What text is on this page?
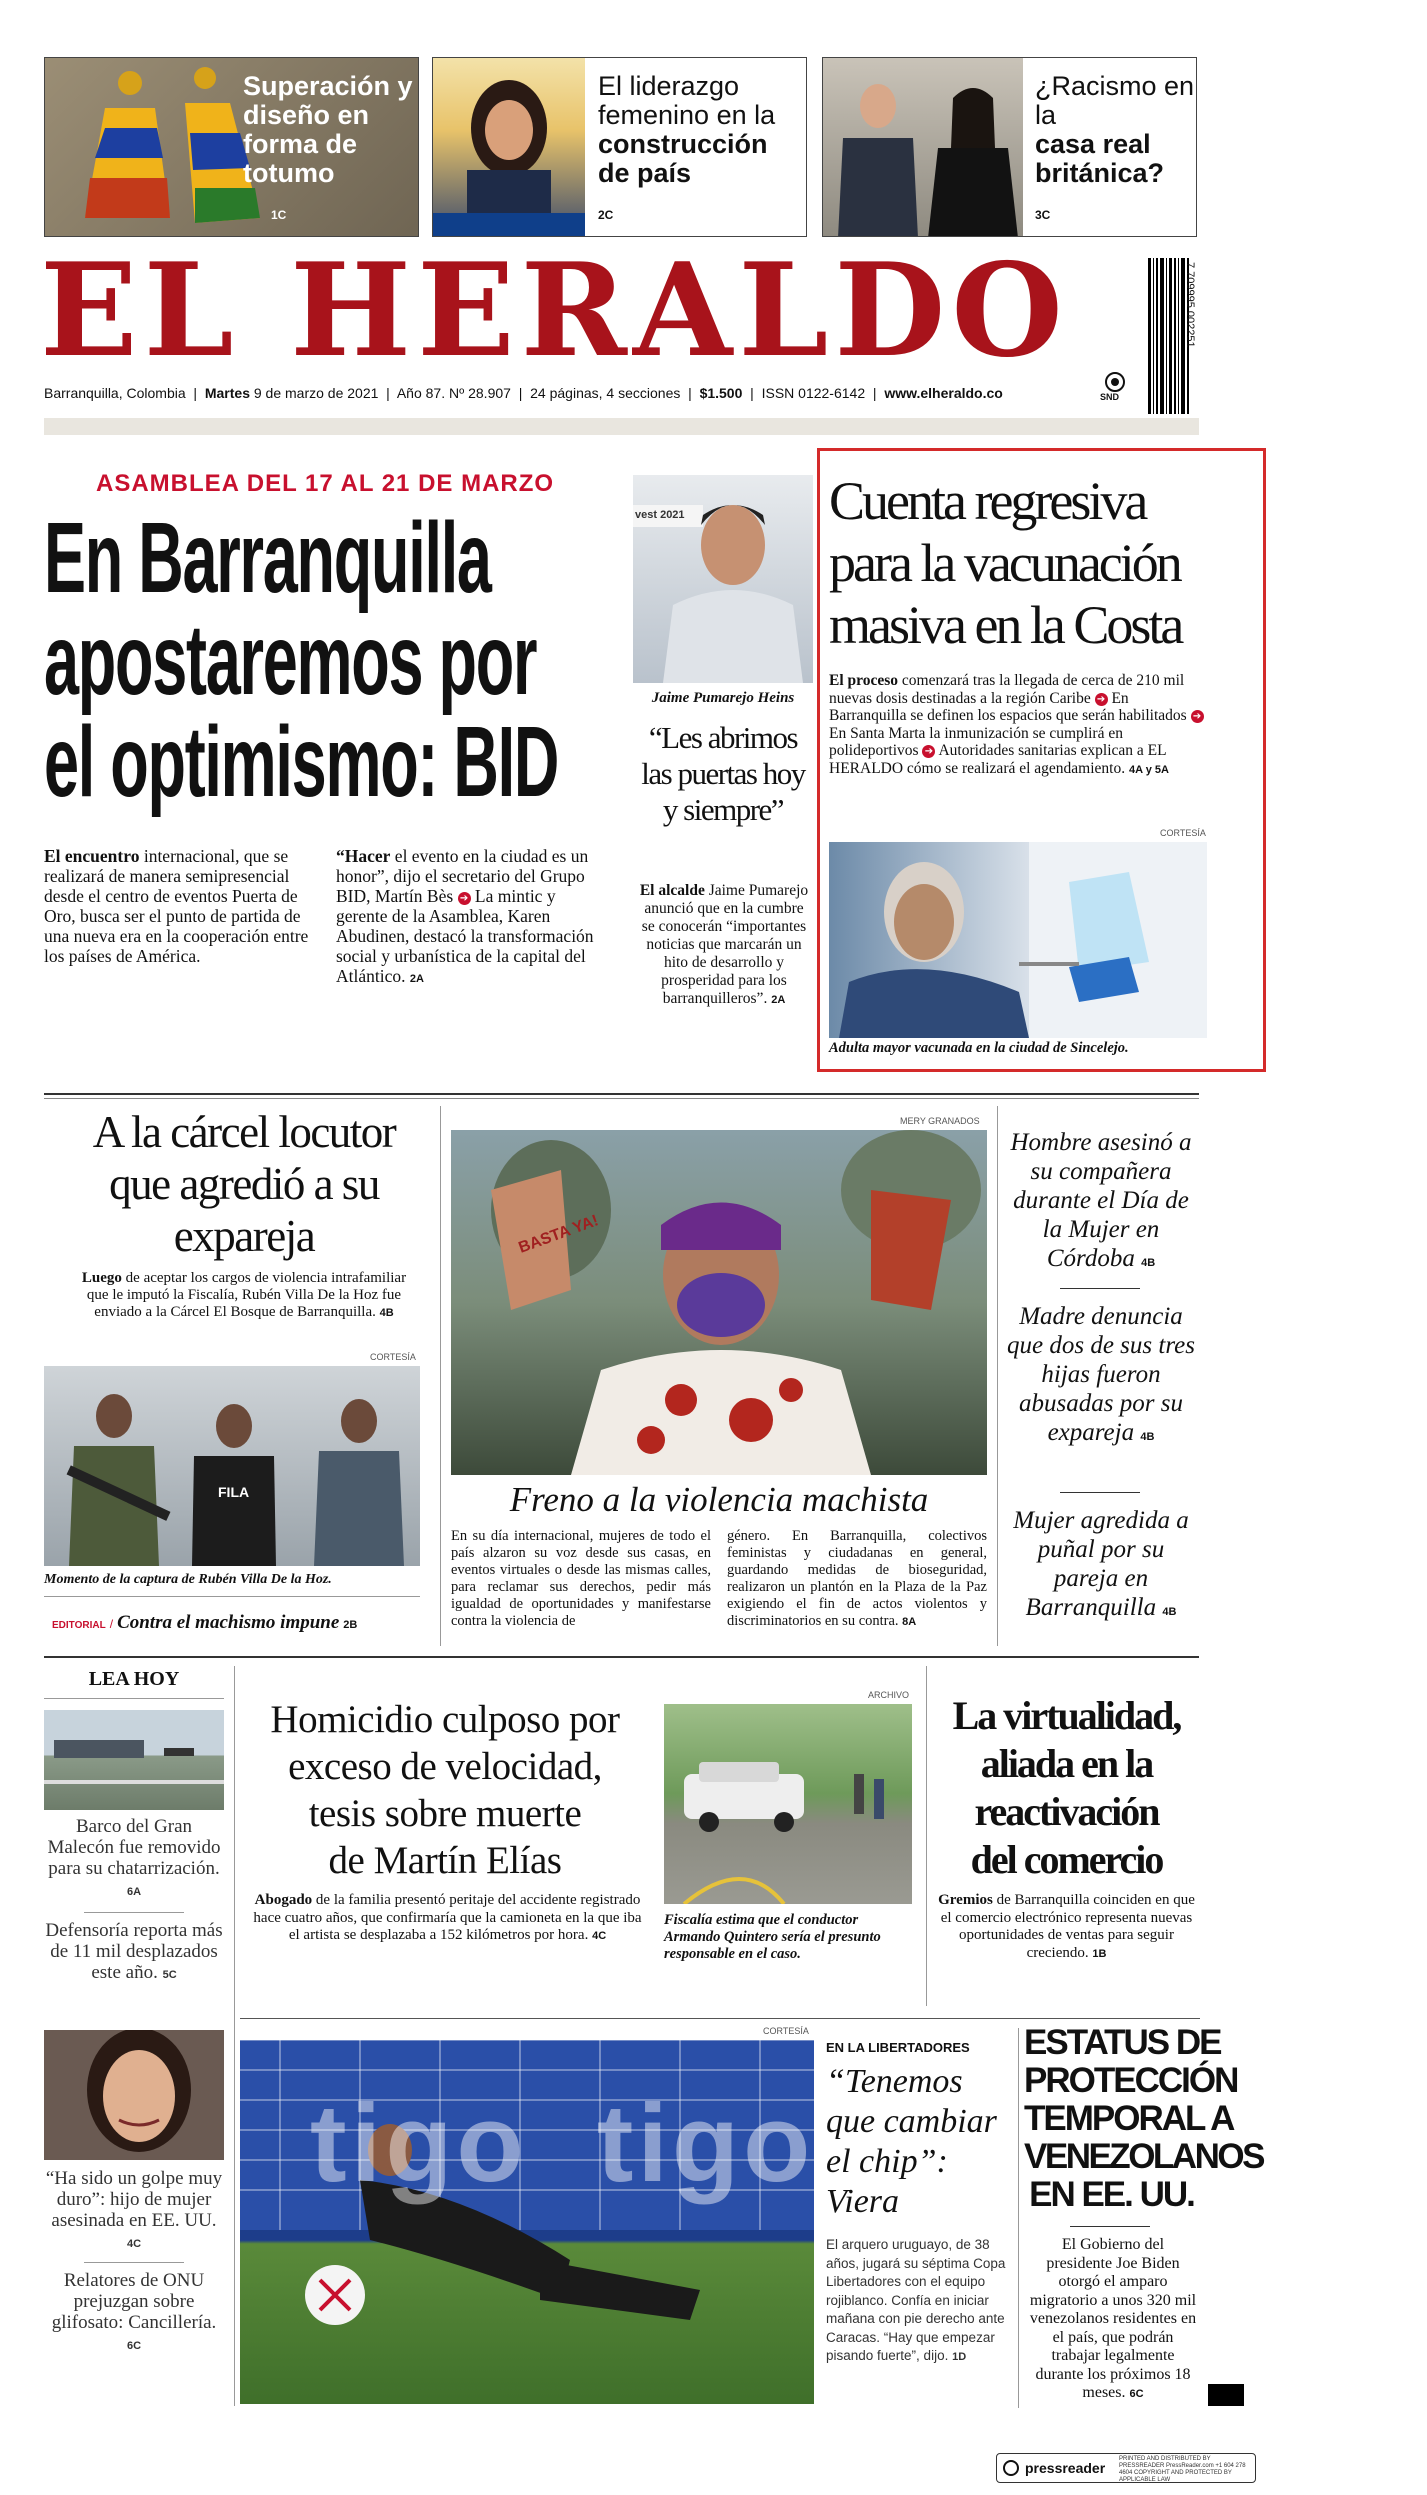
Superación y diseño en forma de totumo
1C
El liderazgo femenino en la
construcción de país
2C
¿Racismo en la
casa real británica?
3C
EL HERALDO	7 709995 002251
Barranquilla, Colombia  |  Martes 9 de marzo de 2021  |  Año 87. Nº 28.907  |  24 páginas, 4 secciones  |  $1.500  |  ISSN 0122-6142  |  www.elheraldo.co	SND
ASAMBLEA DEL 17 AL 21 DE MARZO
En Barranquilla
apostaremos por
el optimismo: BID
El encuentro internacional, que se realizará de manera semipresencial desde el centro de eventos Puerta de Oro, busca ser el punto de partida de una nueva era en la cooperación entre los países de América.
“Hacer el evento en la ciudad es un honor”, dijo el secretario del Grupo BID, Martín Bès ➔ La mintic y gerente de la Asamblea, Karen Abudinen, destacó la transformación social y urbanística de la capital del Atlántico. 2A
vest 2021
Jaime Pumarejo Heins
“Les abrimos
las puertas hoy
y siempre”
El alcalde Jaime Pumarejo anunció que en la cumbre se conocerán “importantes noticias que marcarán un hito de desarrollo y prosperidad para los barranquilleros”. 2A
Cuenta regresiva
para la vacunación
masiva en la Costa
El proceso comenzará tras la llegada de cerca de 210 mil nuevas dosis destinadas a la región Caribe ➔ En Barranquilla se definen los espacios que serán habilitados ➔ En Santa Marta la inmunización se cumplirá en polideportivos ➔ Autoridades sanitarias explican a EL HERALDO cómo se realizará el agendamiento. 4A y 5A
CORTESÍA
Adulta mayor vacunada en la ciudad de Sincelejo.
A la cárcel locutor
que agredió a su
expareja
Luego de aceptar los cargos de violencia intrafamiliar que le imputó la Fiscalía, Rubén Villa De la Hoz fue enviado a la Cárcel El Bosque de Barranquilla. 4B
CORTESÍA
FILA
Momento de la captura de Rubén Villa De la Hoz.
EDITORIAL / Contra el machismo impune 2B
MERY GRANADOS
BASTA YA!
Freno a la violencia machista
En su día internacional, mujeres de todo el país alzaron su voz desde sus casas, en eventos virtuales o desde las mismas calles, para reclamar sus derechos, pedir más igualdad de oportunidades y manifestarse contra la violencia de
género. En Barranquilla, colectivos feministas y ciudadanas en general, guardando medidas de bioseguridad, realizaron un plantón en la Plaza de la Paz exigiendo el fin de actos violentos y discriminatorios en su contra. 8A
Hombre asesinó a su compañera durante el Día de la Mujer en Córdoba 4B
Madre denuncia que dos de sus tres hijas fueron abusadas por su expareja 4B
Mujer agredida a puñal por su pareja en Barranquilla 4B
LEA HOY
Barco del Gran Malecón fue removido para su chatarrización. 6A
Defensoría reporta más de 11 mil desplazados este año. 5C
“Ha sido un golpe muy duro”: hijo de mujer asesinada en EE. UU. 4C
Relatores de ONU prejuzgan sobre glifosato: Cancillería. 6C
Homicidio culposo por
exceso de velocidad,
tesis sobre muerte
de Martín Elías
Abogado de la familia presentó peritaje del accidente registrado hace cuatro años, que confirmaría que la camioneta en la que iba el artista se desplazaba a 152 kilómetros por hora. 4C
ARCHIVO
Fiscalía estima que el conductor Armando Quintero sería el presunto responsable en el caso.
La virtualidad,
aliada en la
reactivación
del comercio
Gremios de Barranquilla coinciden en que el comercio electrónico representa nuevas oportunidades de ventas para seguir creciendo. 1B
CORTESÍA
tigo  tigo
EN LA LIBERTADORES
“Tenemos
que cambiar
el chip”:
Viera
El arquero uruguayo, de 38 años, jugará su séptima Copa Libertadores con el equipo rojiblanco. Confía en iniciar mañana con pie derecho ante Caracas. “Hay que empezar pisando fuerte”, dijo. 1D
ESTATUS DE
PROTECCIÓN
TEMPORAL A
VENEZOLANOS
EN EE. UU.
El Gobierno del presidente Joe Biden otorgó el amparo migratorio a unos 320 mil venezolanos residentes en el país, que podrán trabajar legalmente durante los próximos 18 meses. 6C
pressreader
PRINTED AND DISTRIBUTED BY PRESSREADER PressReader.com +1 604 278 4604 COPYRIGHT AND PROTECTED BY APPLICABLE LAW
